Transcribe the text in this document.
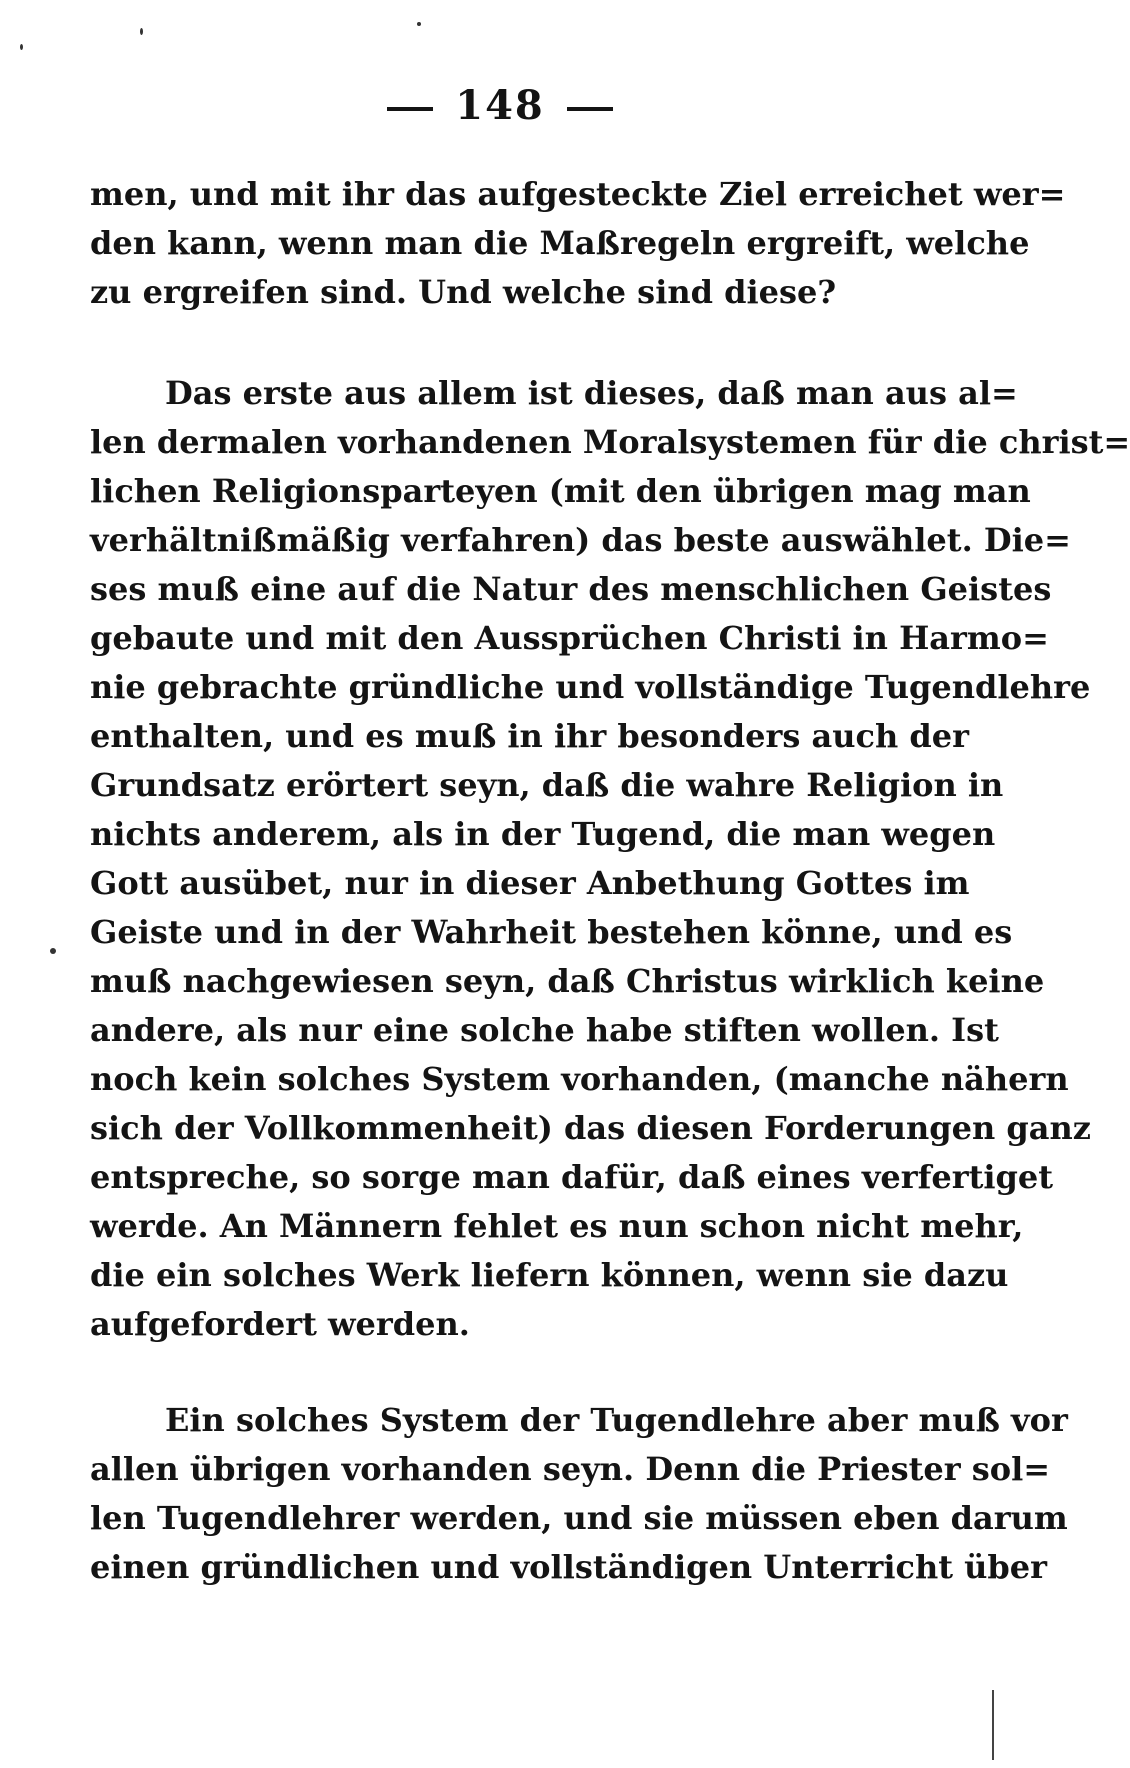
148
men, und mit ihr das aufgesteckte Ziel erreichet wer=
den kann, wenn man die Maßregeln ergreift, welche
zu ergreifen sind. Und welche sind diese?
Das erste aus allem ist dieses, daß man aus al=
len dermalen vorhandenen Moralsystemen für die christ=
lichen Religionsparteyen (mit den übrigen mag man
verhältnißmäßig verfahren) das beste auswählet. Die=
ses muß eine auf die Natur des menschlichen Geistes
gebaute und mit den Aussprüchen Christi in Harmo=
nie gebrachte gründliche und vollständige Tugendlehre
enthalten, und es muß in ihr besonders auch der
Grundsatz erörtert seyn, daß die wahre Religion in
nichts anderem, als in der Tugend, die man wegen
Gott ausübet, nur in dieser Anbethung Gottes im
Geiste und in der Wahrheit bestehen könne, und es
muß nachgewiesen seyn, daß Christus wirklich keine
andere, als nur eine solche habe stiften wollen. Ist
noch kein solches System vorhanden, (manche nähern
sich der Vollkommenheit) das diesen Forderungen ganz
entspreche, so sorge man dafür, daß eines verfertiget
werde. An Männern fehlet es nun schon nicht mehr,
die ein solches Werk liefern können, wenn sie dazu
aufgefordert werden.
Ein solches System der Tugendlehre aber muß vor
allen übrigen vorhanden seyn. Denn die Priester sol=
len Tugendlehrer werden, und sie müssen eben darum
einen gründlichen und vollständigen Unterricht über
